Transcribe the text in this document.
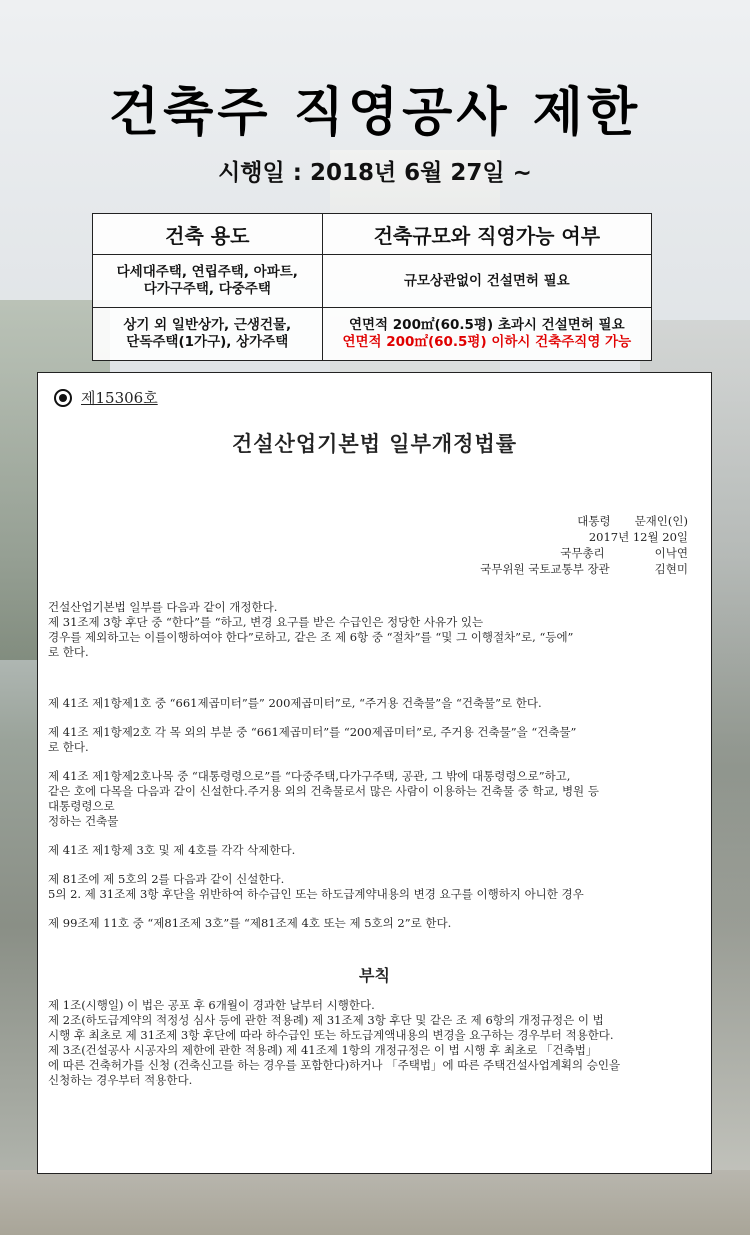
건축주 직영공사 제한
시행일 : 2018년 6월 27일 ~
건축 용도	건축규모와 직영가능 여부

다세대주택, 연립주택, 아파트,
다가구주택, 다중주택	규모상관없이 건설면허 필요

상기 외 일반상가, 근생건물,
단독주택(1가구), 상가주택	연면적 200㎡(60.5평) 초과시 건설면허 필요
연면적 200㎡(60.5평) 이하시 건축주직영 가능
제15306호
건설산업기본법 일부개정법률
대통령 문재인(인)
2017년 12월 20일
국무총리	이낙연
국무위원 국토교통부 장관	김현미

건설산업기본법 일부를 다음과 같이 개정한다.

제 31조제 3항 후단 중 “한다”를 “하고, 변경 요구를 받은 수급인은 정당한 사유가 있는

경우를 제외하고는 이를이행하여야 한다”로하고, 같은 조 제 6항 중 “절차”를 “및 그 이행절차”로, “등에”

로 한다.

제 41조 제1항제1호 중 “661제곱미터”를” 200제곱미터”로, “주거용 건축물”을 “건축물”로 한다.

제 41조 제1항제2호 각 목 외의 부분 중 “661제곱미터”를 “200제곱미터”로, 주거용 건축물”을 “건축물”
로 한다.

제 41조 제1항제2호나목 중 “대통령령으로”를 “다중주택,다가구주택, 공관, 그 밖에 대통령령으로”하고,
같은 호에 다목을 다음과 같이 신설한다.주거용 외의 건축물로서 많은 사람이 이용하는 건축물 중 학교, 병원 등
대통령령으로
정하는 건축물

제 41조 제1항제 3호 및 제 4호를 각각 삭제한다.

제 81조에 제 5호의 2를 다음과 같이 신설한다.
5의 2. 제 31조제 3항 후단을 위반하여 하수급인 또는 하도급계약내용의 변경 요구를 이행하지 아니한 경우

제 99조제 11호 중 “제81조제 3호”를 “제81조제 4호 또는 제 5호의 2”로 한다.

부칙

제 1조(시행일) 이 법은 공포 후 6개월이 경과한 날부터 시행한다.

제 2조(하도급계약의 적정성 심사 등에 관한 적용례) 제 31조제 3항 후단 및 같은 조 제 6항의 개정규정은 이 법

시행 후 최초로 제 31조제 3항 후단에 따라 하수급인 또는 하도급계액내용의 변경을 요구하는 경우부터 적용한다.

제 3조(건설공사 시공자의 제한에 관한 적용례) 제 41조제 1항의 개정규정은 이 법 시행 후 최초로 「건축법」

에 따른 건축허가를 신청 (건축신고를 하는 경우를 포함한다)하거나 「주택법」에 따른 주택건설사업계획의 승인을

신청하는 경우부터 적용한다.
